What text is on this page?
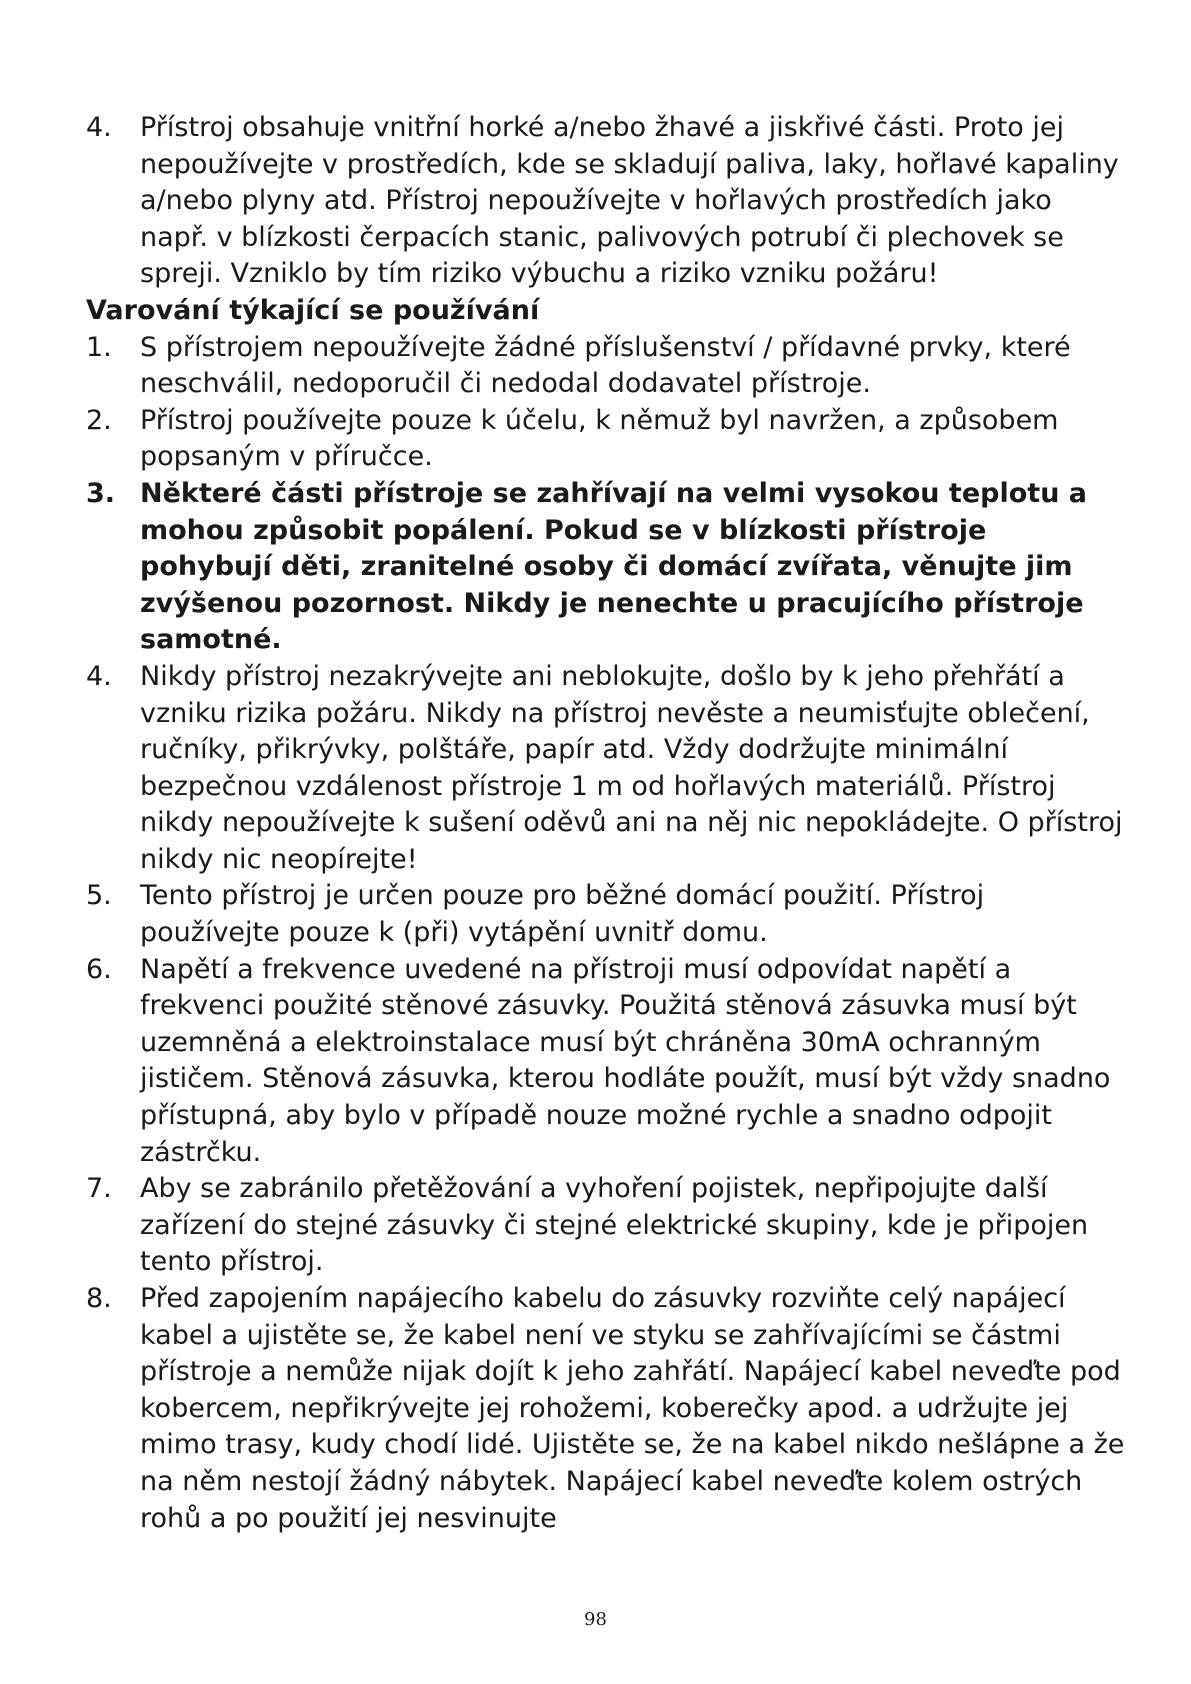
4.	Přístroj obsahuje vnitřní horké a/nebo žhavé a jiskřivé části. Proto jej nepoužívejte v prostředích, kde se skladují paliva, laky, hořlavé kapaliny a/nebo plyny atd. Přístroj nepoužívejte v hořlavých prostředích jako např. v blízkosti čerpacích stanic, palivových potrubí či plechovek se spreji. Vzniklo by tím riziko výbuchu a riziko vzniku požáru!
Varování týkající se používání
1.	S přístrojem nepoužívejte žádné příslušenství / přídavné prvky, které neschválil, nedoporučil či nedodal dodavatel přístroje.
2.	Přístroj používejte pouze k účelu, k němuž byl navržen, a způsobem popsaným v příručce.
3. Některé části přístroje se zahřívají na velmi vysokou teplotu a mohou způsobit popálení. Pokud se v blízkosti přístroje pohybují děti, zranitelné osoby či domácí zvířata, věnujte jim zvýšenou pozornost. Nikdy je nenechte u pracujícího přístroje samotné.
4.	Nikdy přístroj nezakrývejte ani neblokujte, došlo by k jeho přehřátí a vzniku rizika požáru. Nikdy na přístroj nevěste a neumisťujte oblečení, ručníky, přikrývky, polštáře, papír atd. Vždy dodržujte minimální bezpečnou vzdálenost přístroje 1 m od hořlavých materiálů. Přístroj nikdy nepoužívejte k sušení oděvů ani na něj nic nepokládejte. O přístroj nikdy nic neopírejte!
5.	Tento přístroj je určen pouze pro běžné domácí použití. Přístroj používejte pouze k (při) vytápění uvnitř domu.
6.	Napětí a frekvence uvedené na přístroji musí odpovídat napětí a frekvenci použité stěnové zásuvky. Použitá stěnová zásuvka musí být uzemněná a elektroinstalace musí být chráněna 30mA ochranným jističem. Stěnová zásuvka, kterou hodláte použít, musí být vždy snadno přístupná, aby bylo v případě nouze možné rychle a snadno odpojit zástrčku.
7.	Aby se zabránilo přetěžování a vyhoření pojistek, nepřipojujte další zařízení do stejné zásuvky či stejné elektrické skupiny, kde je připojen tento přístroj.
8.	Před zapojením napájecího kabelu do zásuvky rozviňte celý napájecí kabel a ujistěte se, že kabel není ve styku se zahřívajícími se částmi přístroje a nemůže nijak dojít k jeho zahřátí. Napájecí kabel neveďte pod kobercem, nepřikrývejte jej rohožemi, koberečky apod. a udržujte jej mimo trasy, kudy chodí lidé. Ujistěte se, že na kabel nikdo nešlápne a že na něm nestojí žádný nábytek. Napájecí kabel neveďte kolem ostrých rohů a po použití jej nesvinujte
98
